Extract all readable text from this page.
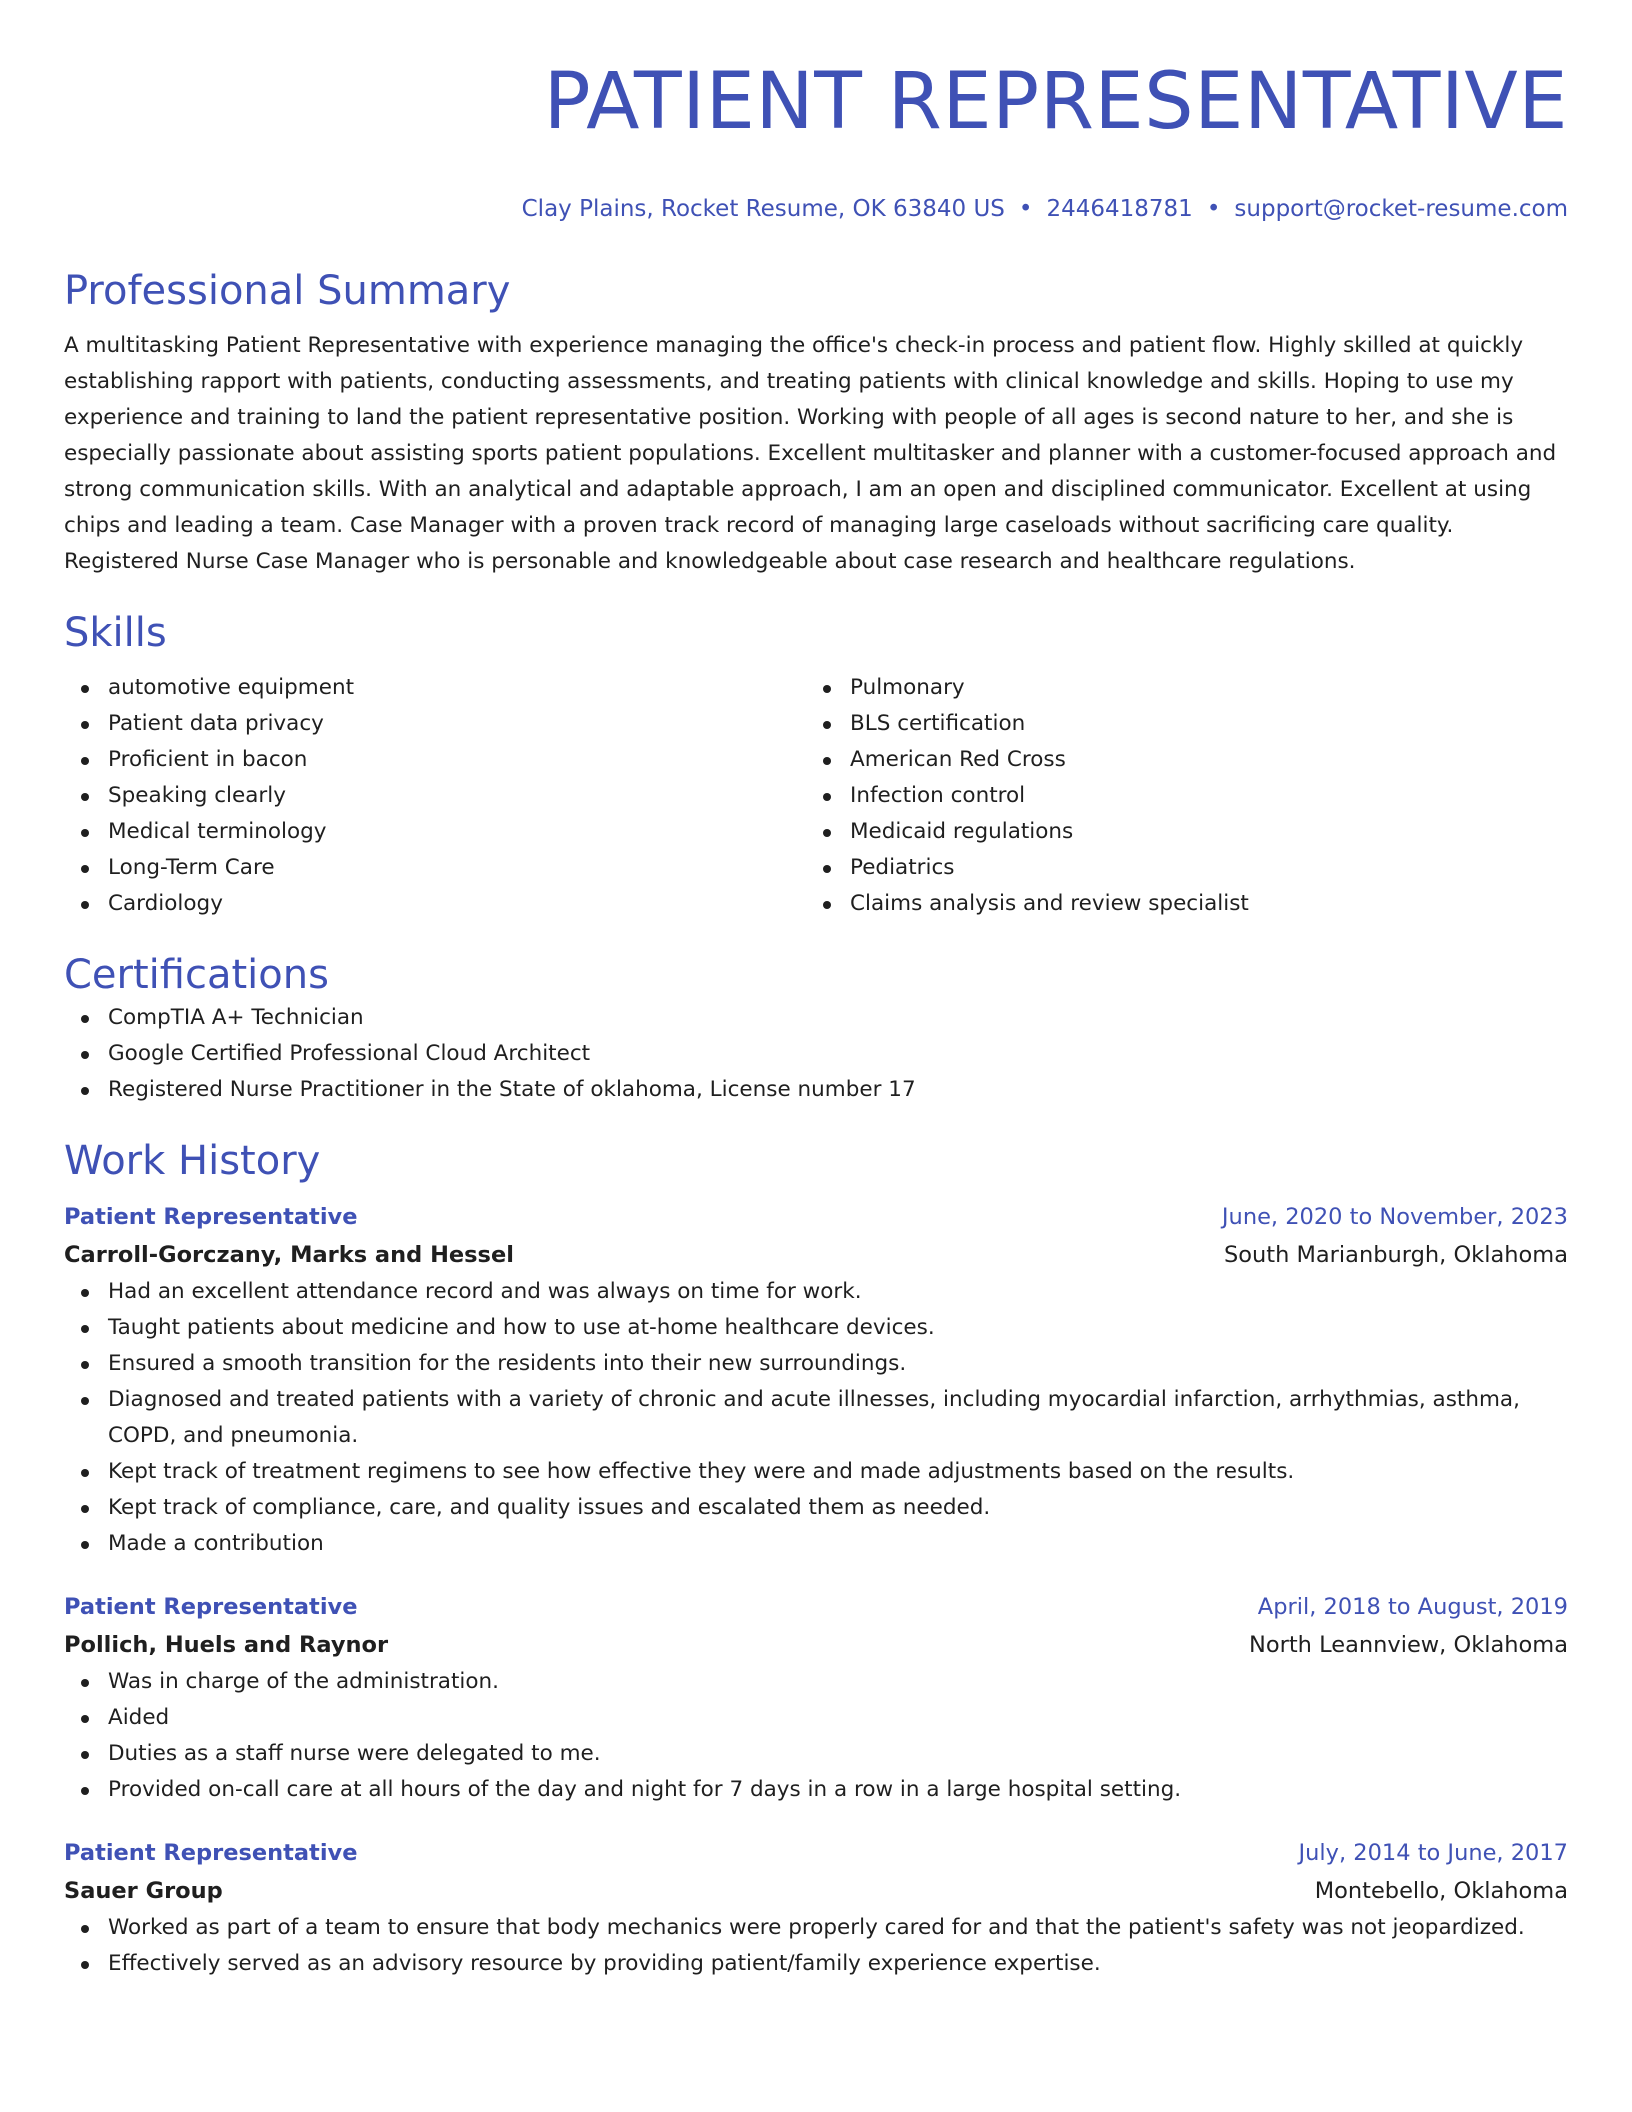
PATIENT REPRESENTATIVE
Clay Plains, Rocket Resume, OK 63840 US • 2446418781 • support@rocket-resume.com
Professional Summary
A multitasking Patient Representative with experience managing the office's check-in process and patient flow. Highly skilled at quickly establishing rapport with patients, conducting assessments, and treating patients with clinical knowledge and skills. Hoping to use my experience and training to land the patient representative position. Working with people of all ages is second nature to her, and she is especially passionate about assisting sports patient populations. Excellent multitasker and planner with a customer-focused approach and strong communication skills. With an analytical and adaptable approach, I am an open and disciplined communicator. Excellent at using chips and leading a team. Case Manager with a proven track record of managing large caseloads without sacrificing care quality. Registered Nurse Case Manager who is personable and knowledgeable about case research and healthcare regulations.
Skills
automotive equipment
Patient data privacy
Proficient in bacon
Speaking clearly
Medical terminology
Long-Term Care
Cardiology
Pulmonary
BLS certification
American Red Cross
Infection control
Medicaid regulations
Pediatrics
Claims analysis and review specialist
Certifications
CompTIA A+ Technician
Google Certified Professional Cloud Architect
Registered Nurse Practitioner in the State of oklahoma, License number 17
Work History
Patient Representative	June, 2020 to November, 2023
Carroll-Gorczany, Marks and Hessel	South Marianburgh, Oklahoma
Had an excellent attendance record and was always on time for work.
Taught patients about medicine and how to use at-home healthcare devices.
Ensured a smooth transition for the residents into their new surroundings.
Diagnosed and treated patients with a variety of chronic and acute illnesses, including myocardial infarction, arrhythmias, asthma, COPD, and pneumonia.
Kept track of treatment regimens to see how effective they were and made adjustments based on the results.
Kept track of compliance, care, and quality issues and escalated them as needed.
Made a contribution
Patient Representative	April, 2018 to August, 2019
Pollich, Huels and Raynor	North Leannview, Oklahoma
Was in charge of the administration.
Aided
Duties as a staff nurse were delegated to me.
Provided on-call care at all hours of the day and night for 7 days in a row in a large hospital setting.
Patient Representative	July, 2014 to June, 2017
Sauer Group	Montebello, Oklahoma
Worked as part of a team to ensure that body mechanics were properly cared for and that the patient's safety was not jeopardized.
Effectively served as an advisory resource by providing patient/family experience expertise.
